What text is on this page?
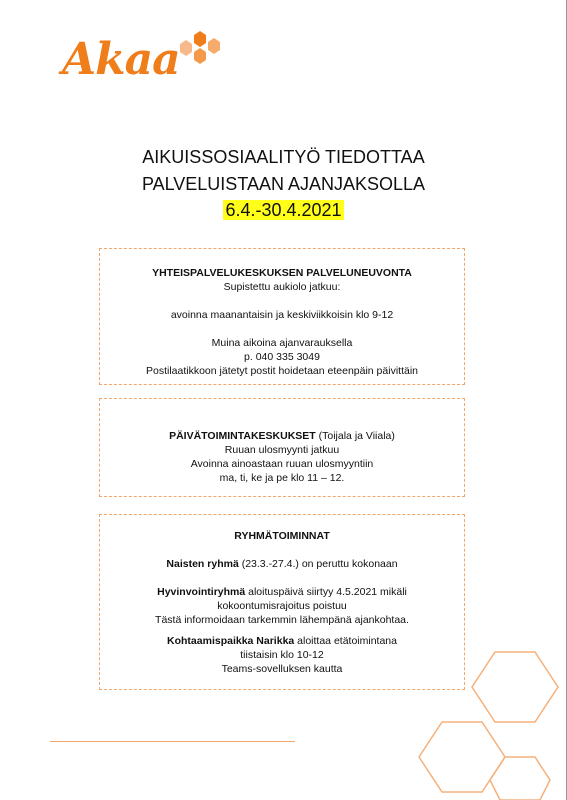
Akaa
AIKUISSOSIAALITYÖ TIEDOTTAA
PALVELUISTAAN AJANJAKSOLLA
6.4.-30.4.2021
YHTEISPALVELUKESKUKSEN PALVELUNEUVONTA
Supistettu aukiolo jatkuu:
avoinna maanantaisin ja keskiviikkoisin klo 9-12
Muina aikoina ajanvarauksella
p. 040 335 3049
Postilaatikkoon jätetyt postit hoidetaan eteenpäin päivittäin
PÄIVÄTOIMINTAKESKUKSET (Toijala ja Viiala)
Ruuan ulosmyynti jatkuu
Avoinna ainoastaan ruuan ulosmyyntiin
ma, ti, ke ja pe klo 11 – 12.
RYHMÄTOIMINNAT
Naisten ryhmä (23.3.-27.4.) on peruttu kokonaan
Hyvinvointiryhmä aloituspäivä siirtyy 4.5.2021 mikäli
kokoontumisrajoitus poistuu
Tästä informoidaan tarkemmin lähempänä ajankohtaa.
Kohtaamispaikka Narikka aloittaa etätoimintana
tiistaisin klo 10-12
Teams-sovelluksen kautta
